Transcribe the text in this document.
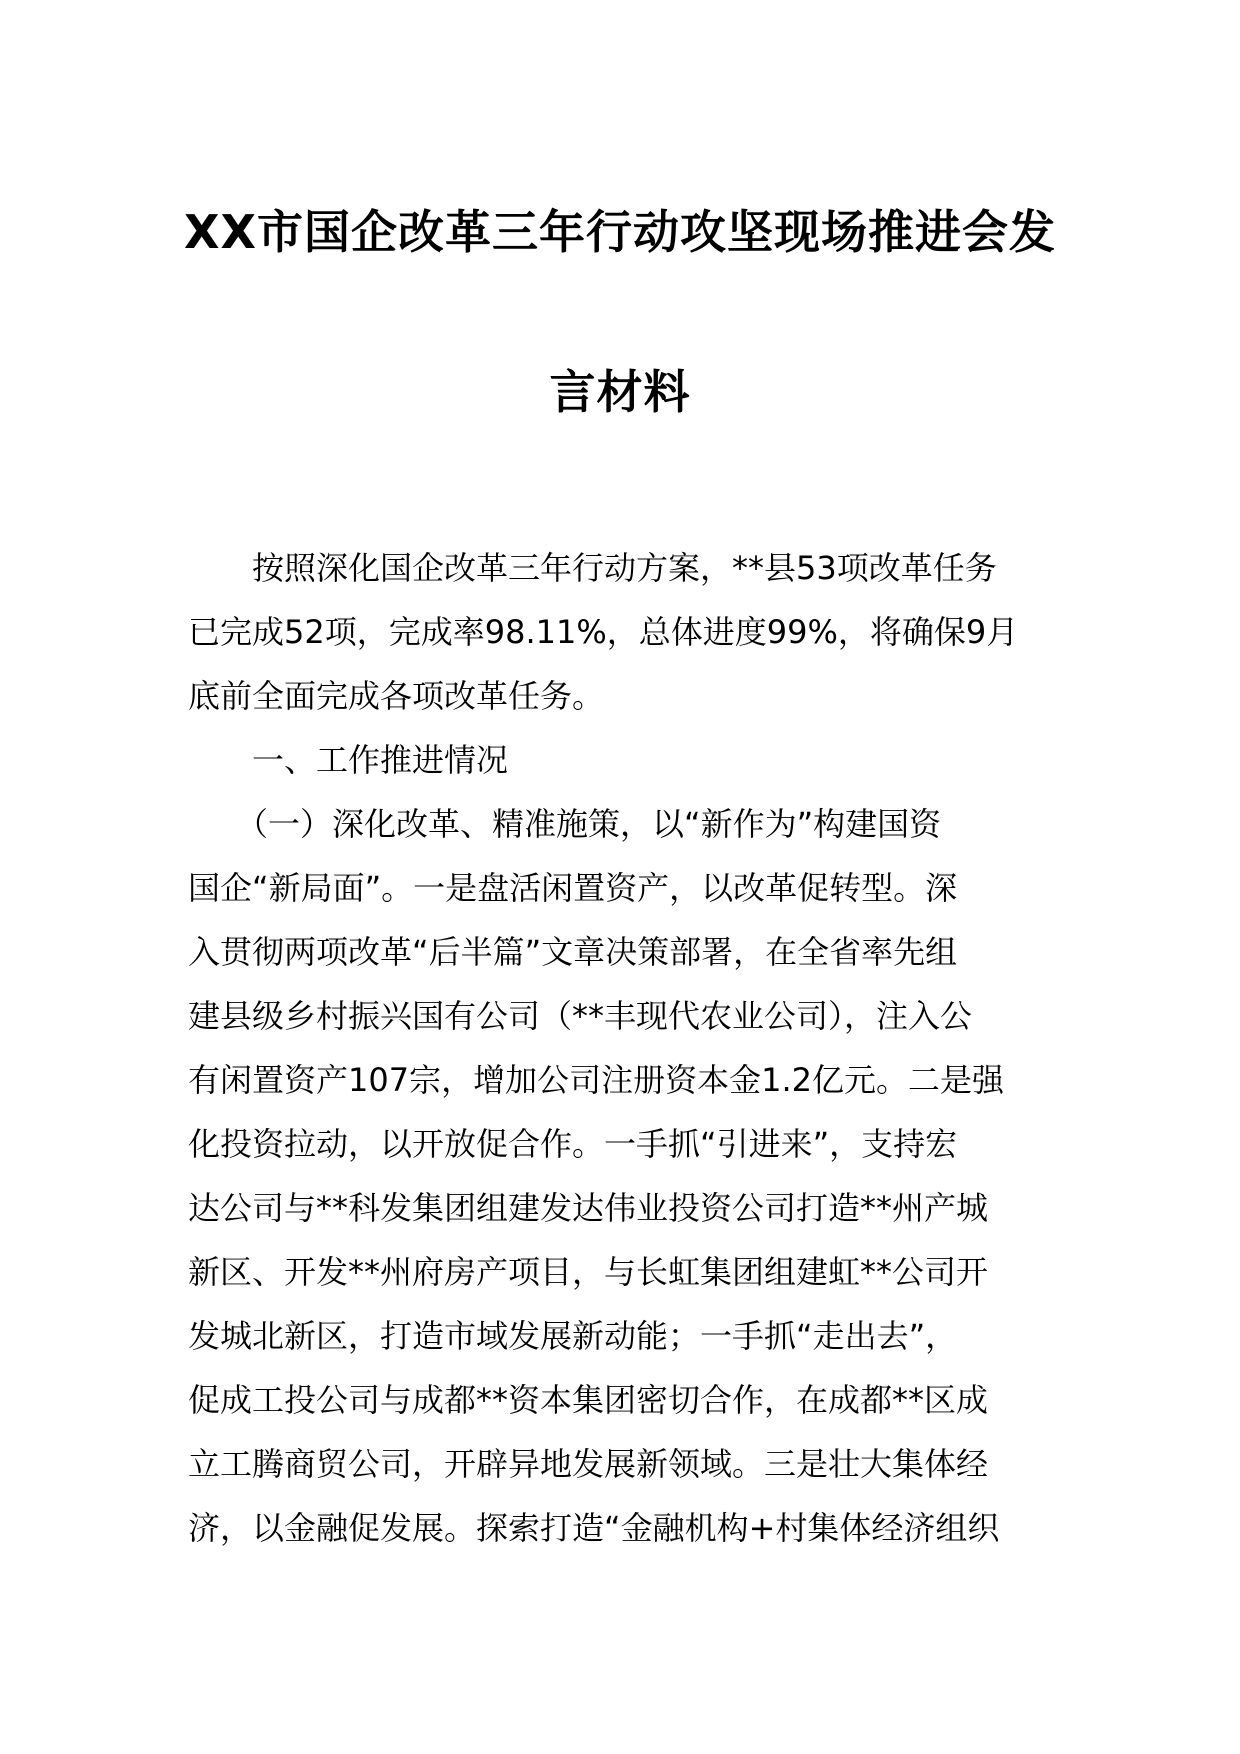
XX市国企改革三年行动攻坚现场推进会发
言材料
　　按照深化国企改革三年行动方案，**县53项改革任务
已完成52项，完成率98.11%，总体进度99%，将确保9月
底前全面完成各项改革任务。
　　一、工作推进情况
　　（一）深化改革、精准施策，以“新作为”构建国资
国企“新局面”。一是盘活闲置资产，以改革促转型。深
入贯彻两项改革“后半篇”文章决策部署，在全省率先组
建县级乡村振兴国有公司（**丰现代农业公司），注入公
有闲置资产107宗，增加公司注册资本金1.2亿元。二是强
化投资拉动，以开放促合作。一手抓“引进来”，支持宏
达公司与**科发集团组建发达伟业投资公司打造**州产城
新区、开发**州府房产项目，与长虹集团组建虹**公司开
发城北新区，打造市域发展新动能；一手抓“走出去”，
促成工投公司与成都**资本集团密切合作，在成都**区成
立工腾商贸公司，开辟异地发展新领域。三是壮大集体经
济，以金融促发展。探索打造“金融机构+村集体经济组织
